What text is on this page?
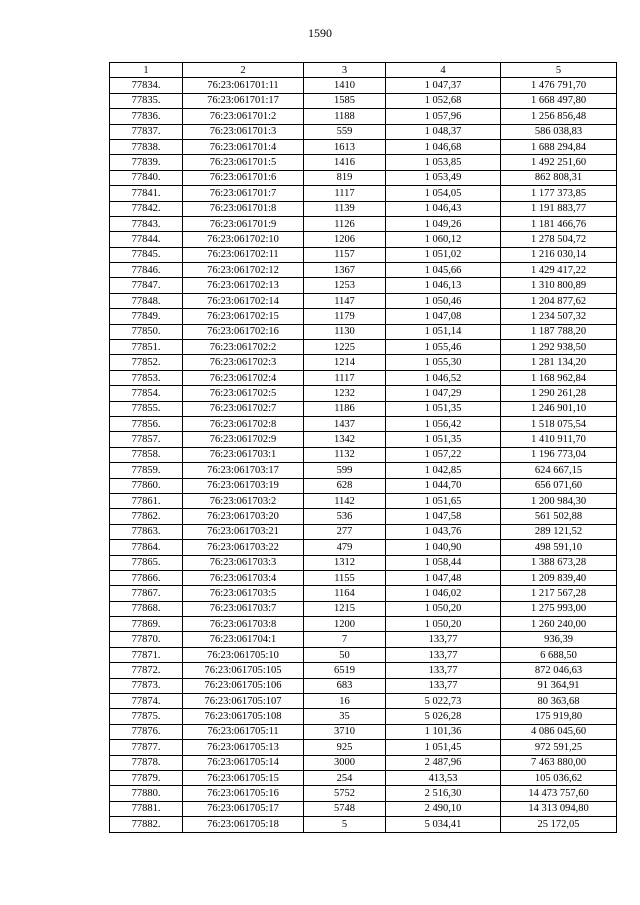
1590
1	2	3	4	5
77834.	76:23:061701:11	1410	1 047,37	1 476 791,70
77835.	76:23:061701:17	1585	1 052,68	1 668 497,80
77836.	76:23:061701:2	1188	1 057,96	1 256 856,48
77837.	76:23:061701:3	559	1 048,37	586 038,83
77838.	76:23:061701:4	1613	1 046,68	1 688 294,84
77839.	76:23:061701:5	1416	1 053,85	1 492 251,60
77840.	76:23:061701:6	819	1 053,49	862 808,31
77841.	76:23:061701:7	1117	1 054,05	1 177 373,85
77842.	76:23:061701:8	1139	1 046,43	1 191 883,77
77843.	76:23:061701:9	1126	1 049,26	1 181 466,76
77844.	76:23:061702:10	1206	1 060,12	1 278 504,72
77845.	76:23:061702:11	1157	1 051,02	1 216 030,14
77846.	76:23:061702:12	1367	1 045,66	1 429 417,22
77847.	76:23:061702:13	1253	1 046,13	1 310 800,89
77848.	76:23:061702:14	1147	1 050,46	1 204 877,62
77849.	76:23:061702:15	1179	1 047,08	1 234 507,32
77850.	76:23:061702:16	1130	1 051,14	1 187 788,20
77851.	76:23:061702:2	1225	1 055,46	1 292 938,50
77852.	76:23:061702:3	1214	1 055,30	1 281 134,20
77853.	76:23:061702:4	1117	1 046,52	1 168 962,84
77854.	76:23:061702:5	1232	1 047,29	1 290 261,28
77855.	76:23:061702:7	1186	1 051,35	1 246 901,10
77856.	76:23:061702:8	1437	1 056,42	1 518 075,54
77857.	76:23:061702:9	1342	1 051,35	1 410 911,70
77858.	76:23:061703:1	1132	1 057,22	1 196 773,04
77859.	76:23:061703:17	599	1 042,85	624 667,15
77860.	76:23:061703:19	628	1 044,70	656 071,60
77861.	76:23:061703:2	1142	1 051,65	1 200 984,30
77862.	76:23:061703:20	536	1 047,58	561 502,88
77863.	76:23:061703:21	277	1 043,76	289 121,52
77864.	76:23:061703:22	479	1 040,90	498 591,10
77865.	76:23:061703:3	1312	1 058,44	1 388 673,28
77866.	76:23:061703:4	1155	1 047,48	1 209 839,40
77867.	76:23:061703:5	1164	1 046,02	1 217 567,28
77868.	76:23:061703:7	1215	1 050,20	1 275 993,00
77869.	76:23:061703:8	1200	1 050,20	1 260 240,00
77870.	76:23:061704:1	7	133,77	936,39
77871.	76:23:061705:10	50	133,77	6 688,50
77872.	76:23:061705:105	6519	133,77	872 046,63
77873.	76:23:061705:106	683	133,77	91 364,91
77874.	76:23:061705:107	16	5 022,73	80 363,68
77875.	76:23:061705:108	35	5 026,28	175 919,80
77876.	76:23:061705:11	3710	1 101,36	4 086 045,60
77877.	76:23:061705:13	925	1 051,45	972 591,25
77878.	76:23:061705:14	3000	2 487,96	7 463 880,00
77879.	76:23:061705:15	254	413,53	105 036,62
77880.	76:23:061705:16	5752	2 516,30	14 473 757,60
77881.	76:23:061705:17	5748	2 490,10	14 313 094,80
77882.	76:23:061705:18	5	5 034,41	25 172,05
